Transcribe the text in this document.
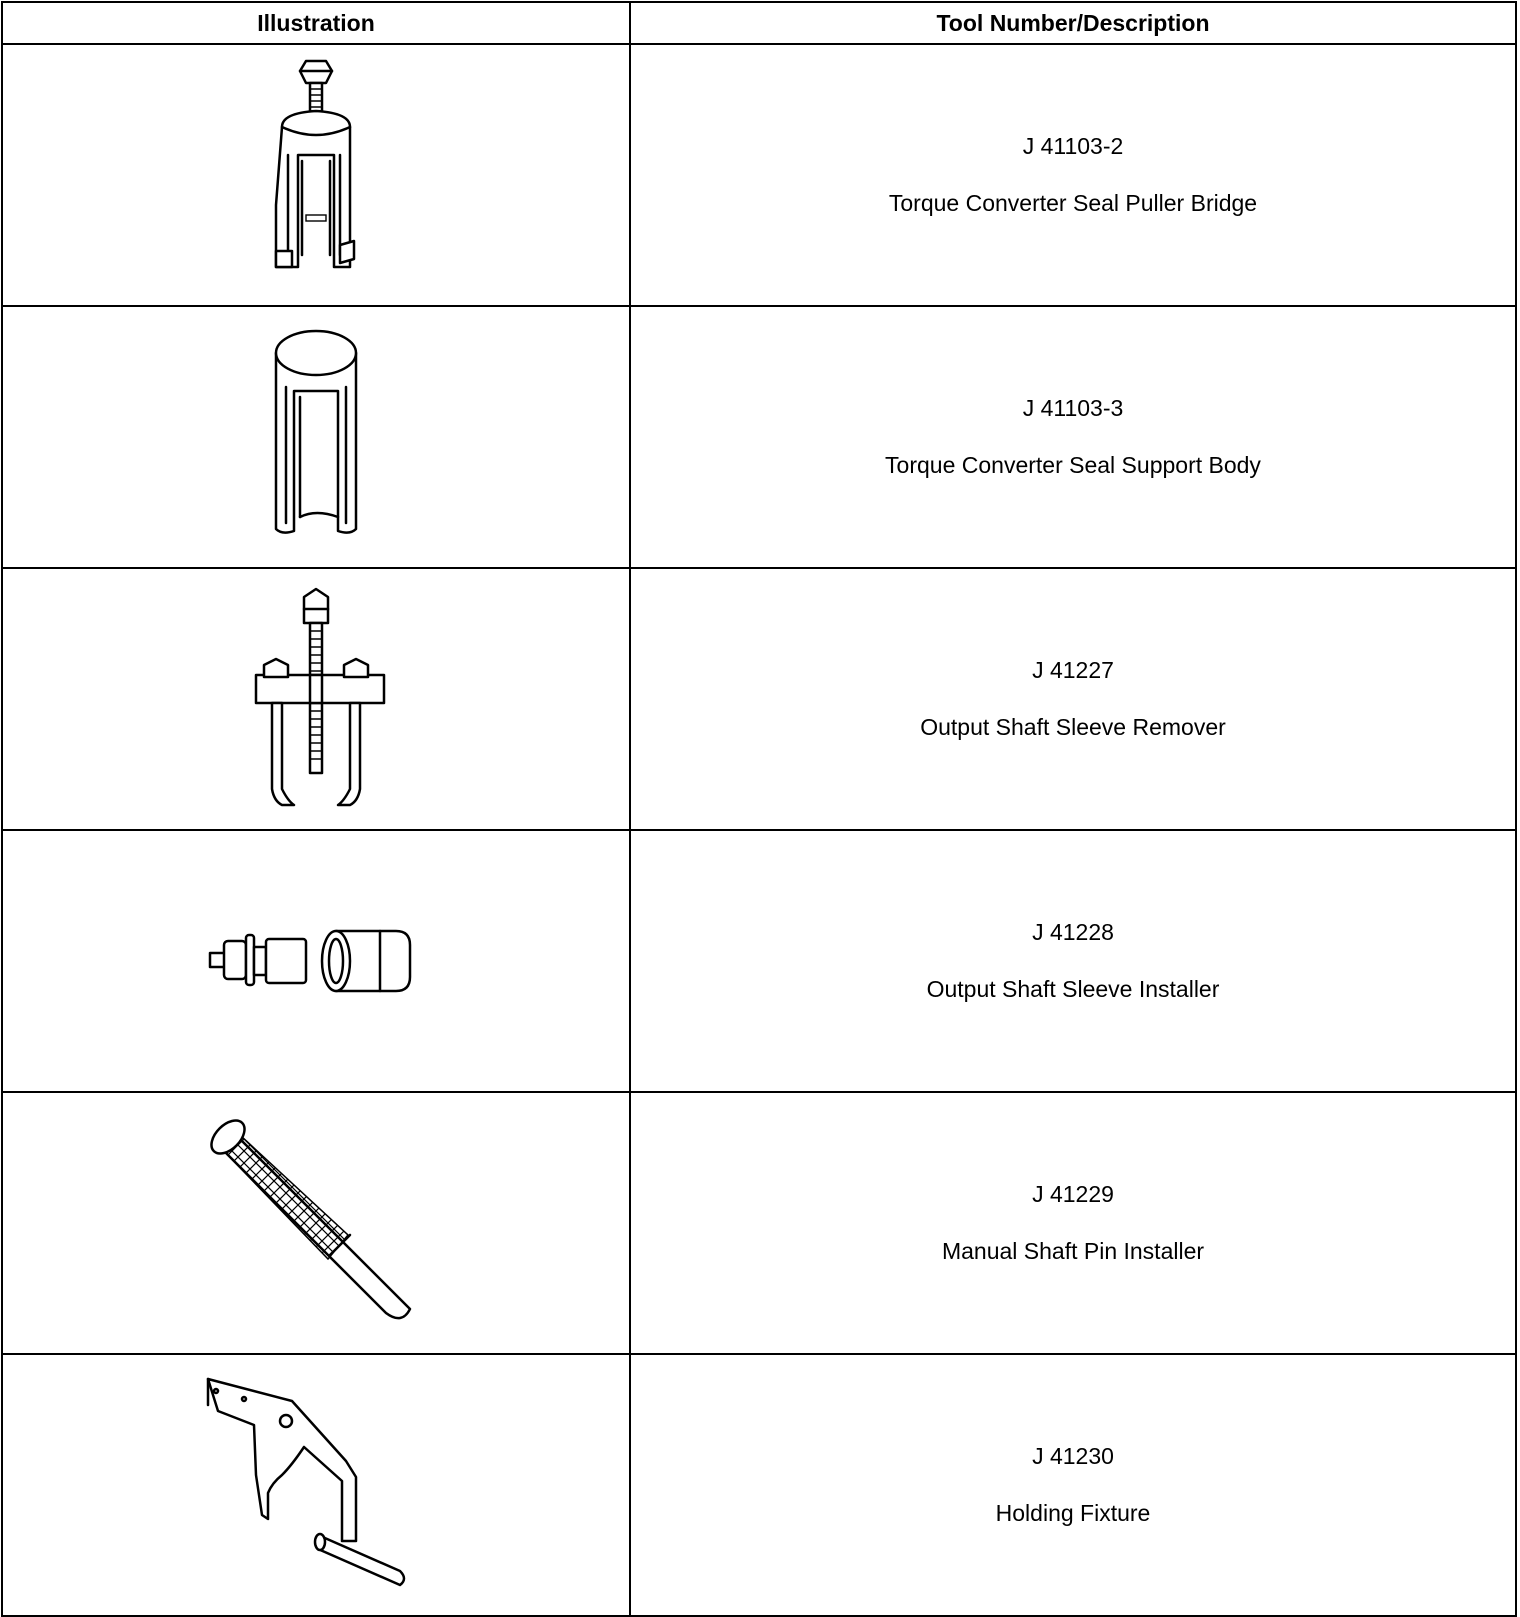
Illustration	Tool Number/Description

J 41103-2
Torque Converter Seal Puller Bridge

J 41103-3
Torque Converter Seal Support Body

J 41227
Output Shaft Sleeve Remover

J 41228
Output Shaft Sleeve Installer

J 41229
Manual Shaft Pin Installer

J 41230
Holding Fixture
